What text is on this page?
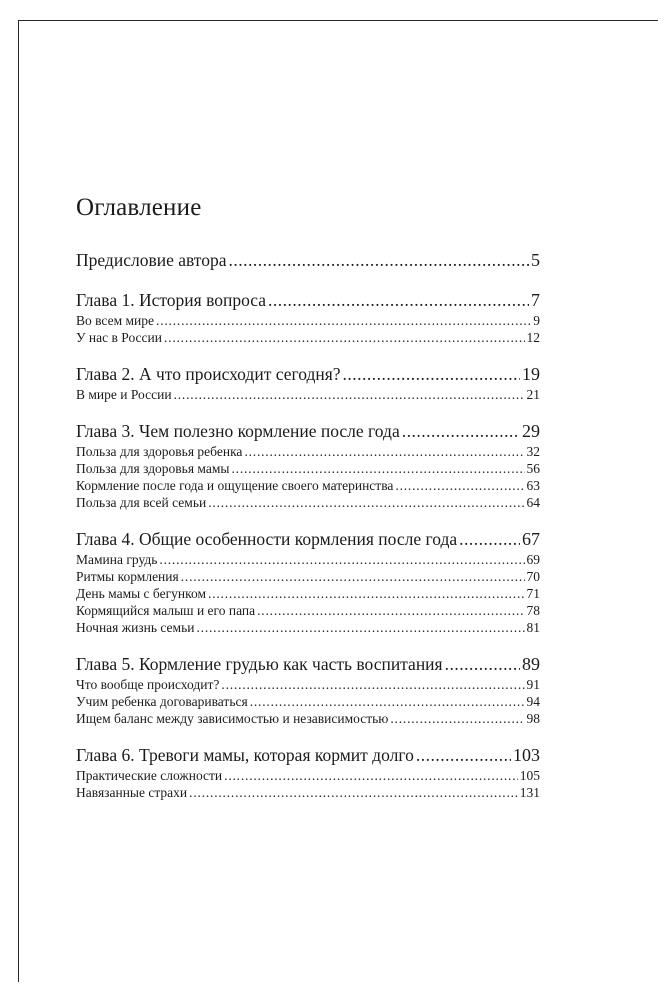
Оглавление
Предисловие автора .....	5
Глава 1. История вопроса .....	7
Во всем мире .....	9
У нас в России .....	12
Глава 2. А что происходит сегодня? .....	19
В мире и России .....	21
Глава 3. Чем полезно кормление после года .....	29
Польза для здоровья ребенка .....	32
Польза для здоровья мамы .....	56
Кормление после года и ощущение своего материнства .....	63
Польза для всей семьи .....	64
Глава 4. Общие особенности кормления после года .....	67
Мамина грудь .....	69
Ритмы кормления .....	70
День мамы с бегунком .....	71
Кормящийся малыш и его папа .....	78
Ночная жизнь семьи .....	81
Глава 5. Кормление грудью как часть воспитания .....	89
Что вообще происходит? .....	91
Учим ребенка договариваться .....	94
Ищем баланс между зависимостью и независимостью .....	98
Глава 6. Тревоги мамы, которая кормит долго .....	103
Практические сложности .....	105
Навязанные страхи .....	131
